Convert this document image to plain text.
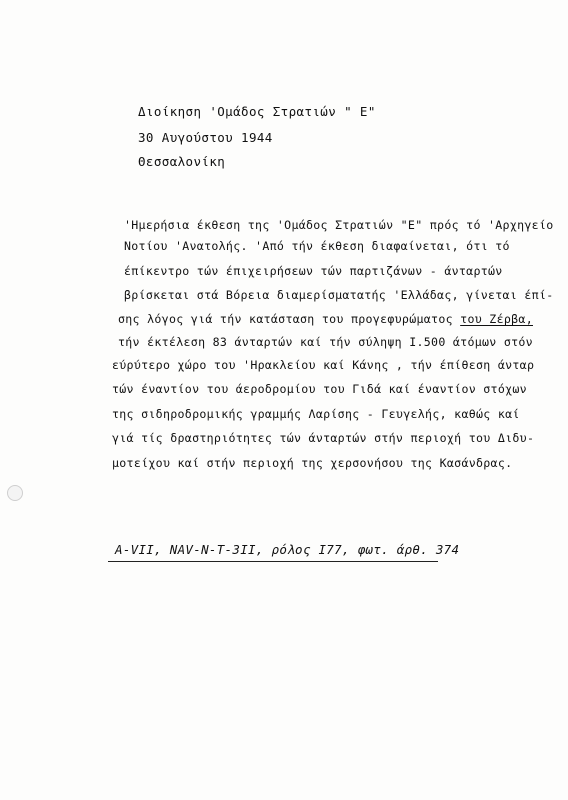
Διοίκηση 'Ομάδος Στρατιών " Ε"
30 Αυγούστου 1944
Θεσσαλονίκη
'Ημερήσια έκθεση της 'Ομάδος Στρατιών "Ε" πρός τό 'Αρχηγείο
Νοτίου 'Ανατολής. 'Από τήν έκθεση διαφαίνεται, ότι τό
έπίκεντρο τών έπιχειρήσεων τών παρτιζάνων - άνταρτών
βρίσκεται στά Βόρεια διαμερίσματατής 'Ελλάδας, γίνεται έπί-
σης λόγος γιά τήν κατάσταση του προγεφυρώματος του Ζέρβα,
τήν έκτέλεση 83 άνταρτών καί τήν σύληψη I.500 άτόμων στόν
εύρύτερο χώρο του 'Ηρακλείου καί Κάνης , τήν έπίθεση άνταρ
τών έναντίον του άεροδρομίου του Γιδά καί έναντίον στόχων
της σιδηροδρομικής γραμμής Λαρίσης - Γευγελής, καθώς καί
γιά τίς δραστηριότητες τών άνταρτών στήν περιοχή του Διδυ-
μοτείχου καί στήν περιοχή της χερσονήσου της Κασάνδρας.
A-VII, NAV-N-T-3II, ρόλος I77, φωτ. άρθ. 374
